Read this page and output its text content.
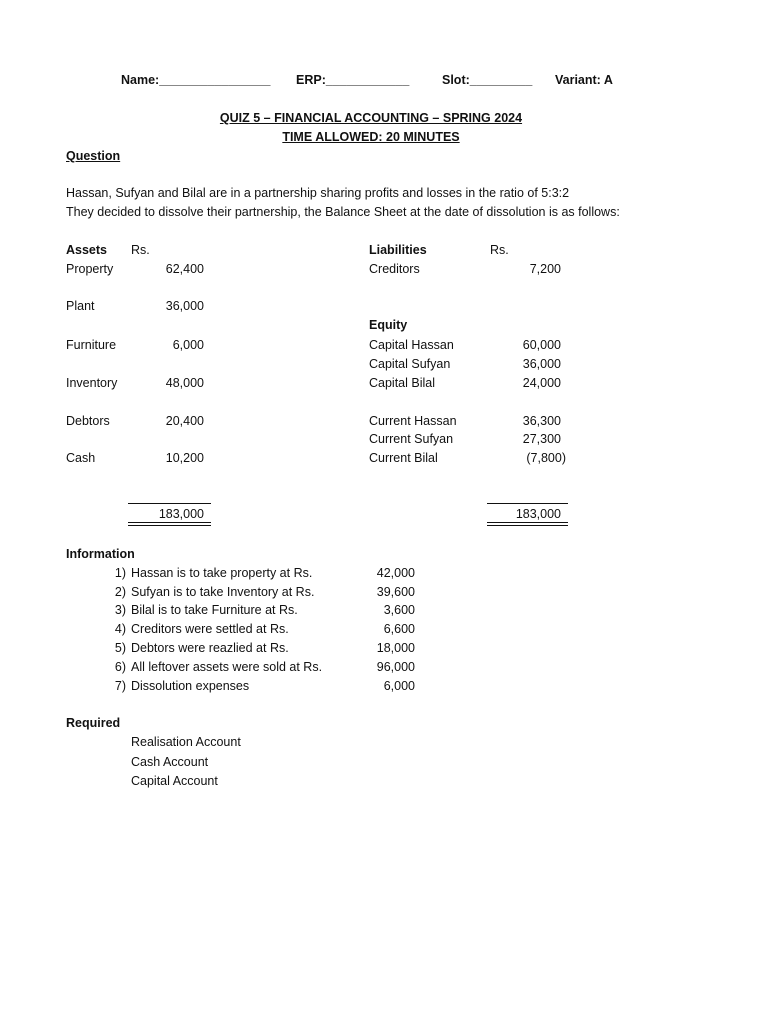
Name:________________ ERP:____________	Slot:_________ Variant: A
QUIZ 5 – FINANCIAL ACCOUNTING – SPRING 2024
TIME ALLOWED: 20 MINUTES
Question
Hassan, Sufyan and Bilal are in a partnership sharing profits and losses in the ratio of 5:3:2
They decided to dissolve their partnership, the Balance Sheet at the date of dissolution is as follows:
Assets Rs.
Property	62,400
Plant	36,000
Furniture	6,000
Inventory	48,000
Debtors	20,400
Cash	10,200
183,000
Liabilities	Rs.
Creditors	7,200
Equity
Capital Hassan	60,000
Capital Sufyan	36,000
Capital Bilal	24,000
Current Hassan	36,300
Current Sufyan	27,300
Current Bilal	(7,800)
183,000
Information
1) Hassan is to take property at Rs.	42,000
2) Sufyan is to take Inventory at Rs.	39,600
3) Bilal is to take Furniture at Rs.	3,600
4) Creditors were settled at Rs.	6,600
5) Debtors were reazlied at Rs.	18,000
6) All leftover assets were sold at Rs.	96,000
7) Dissolution expenses	6,000
Required
Realisation Account
Cash Account
Capital Account
